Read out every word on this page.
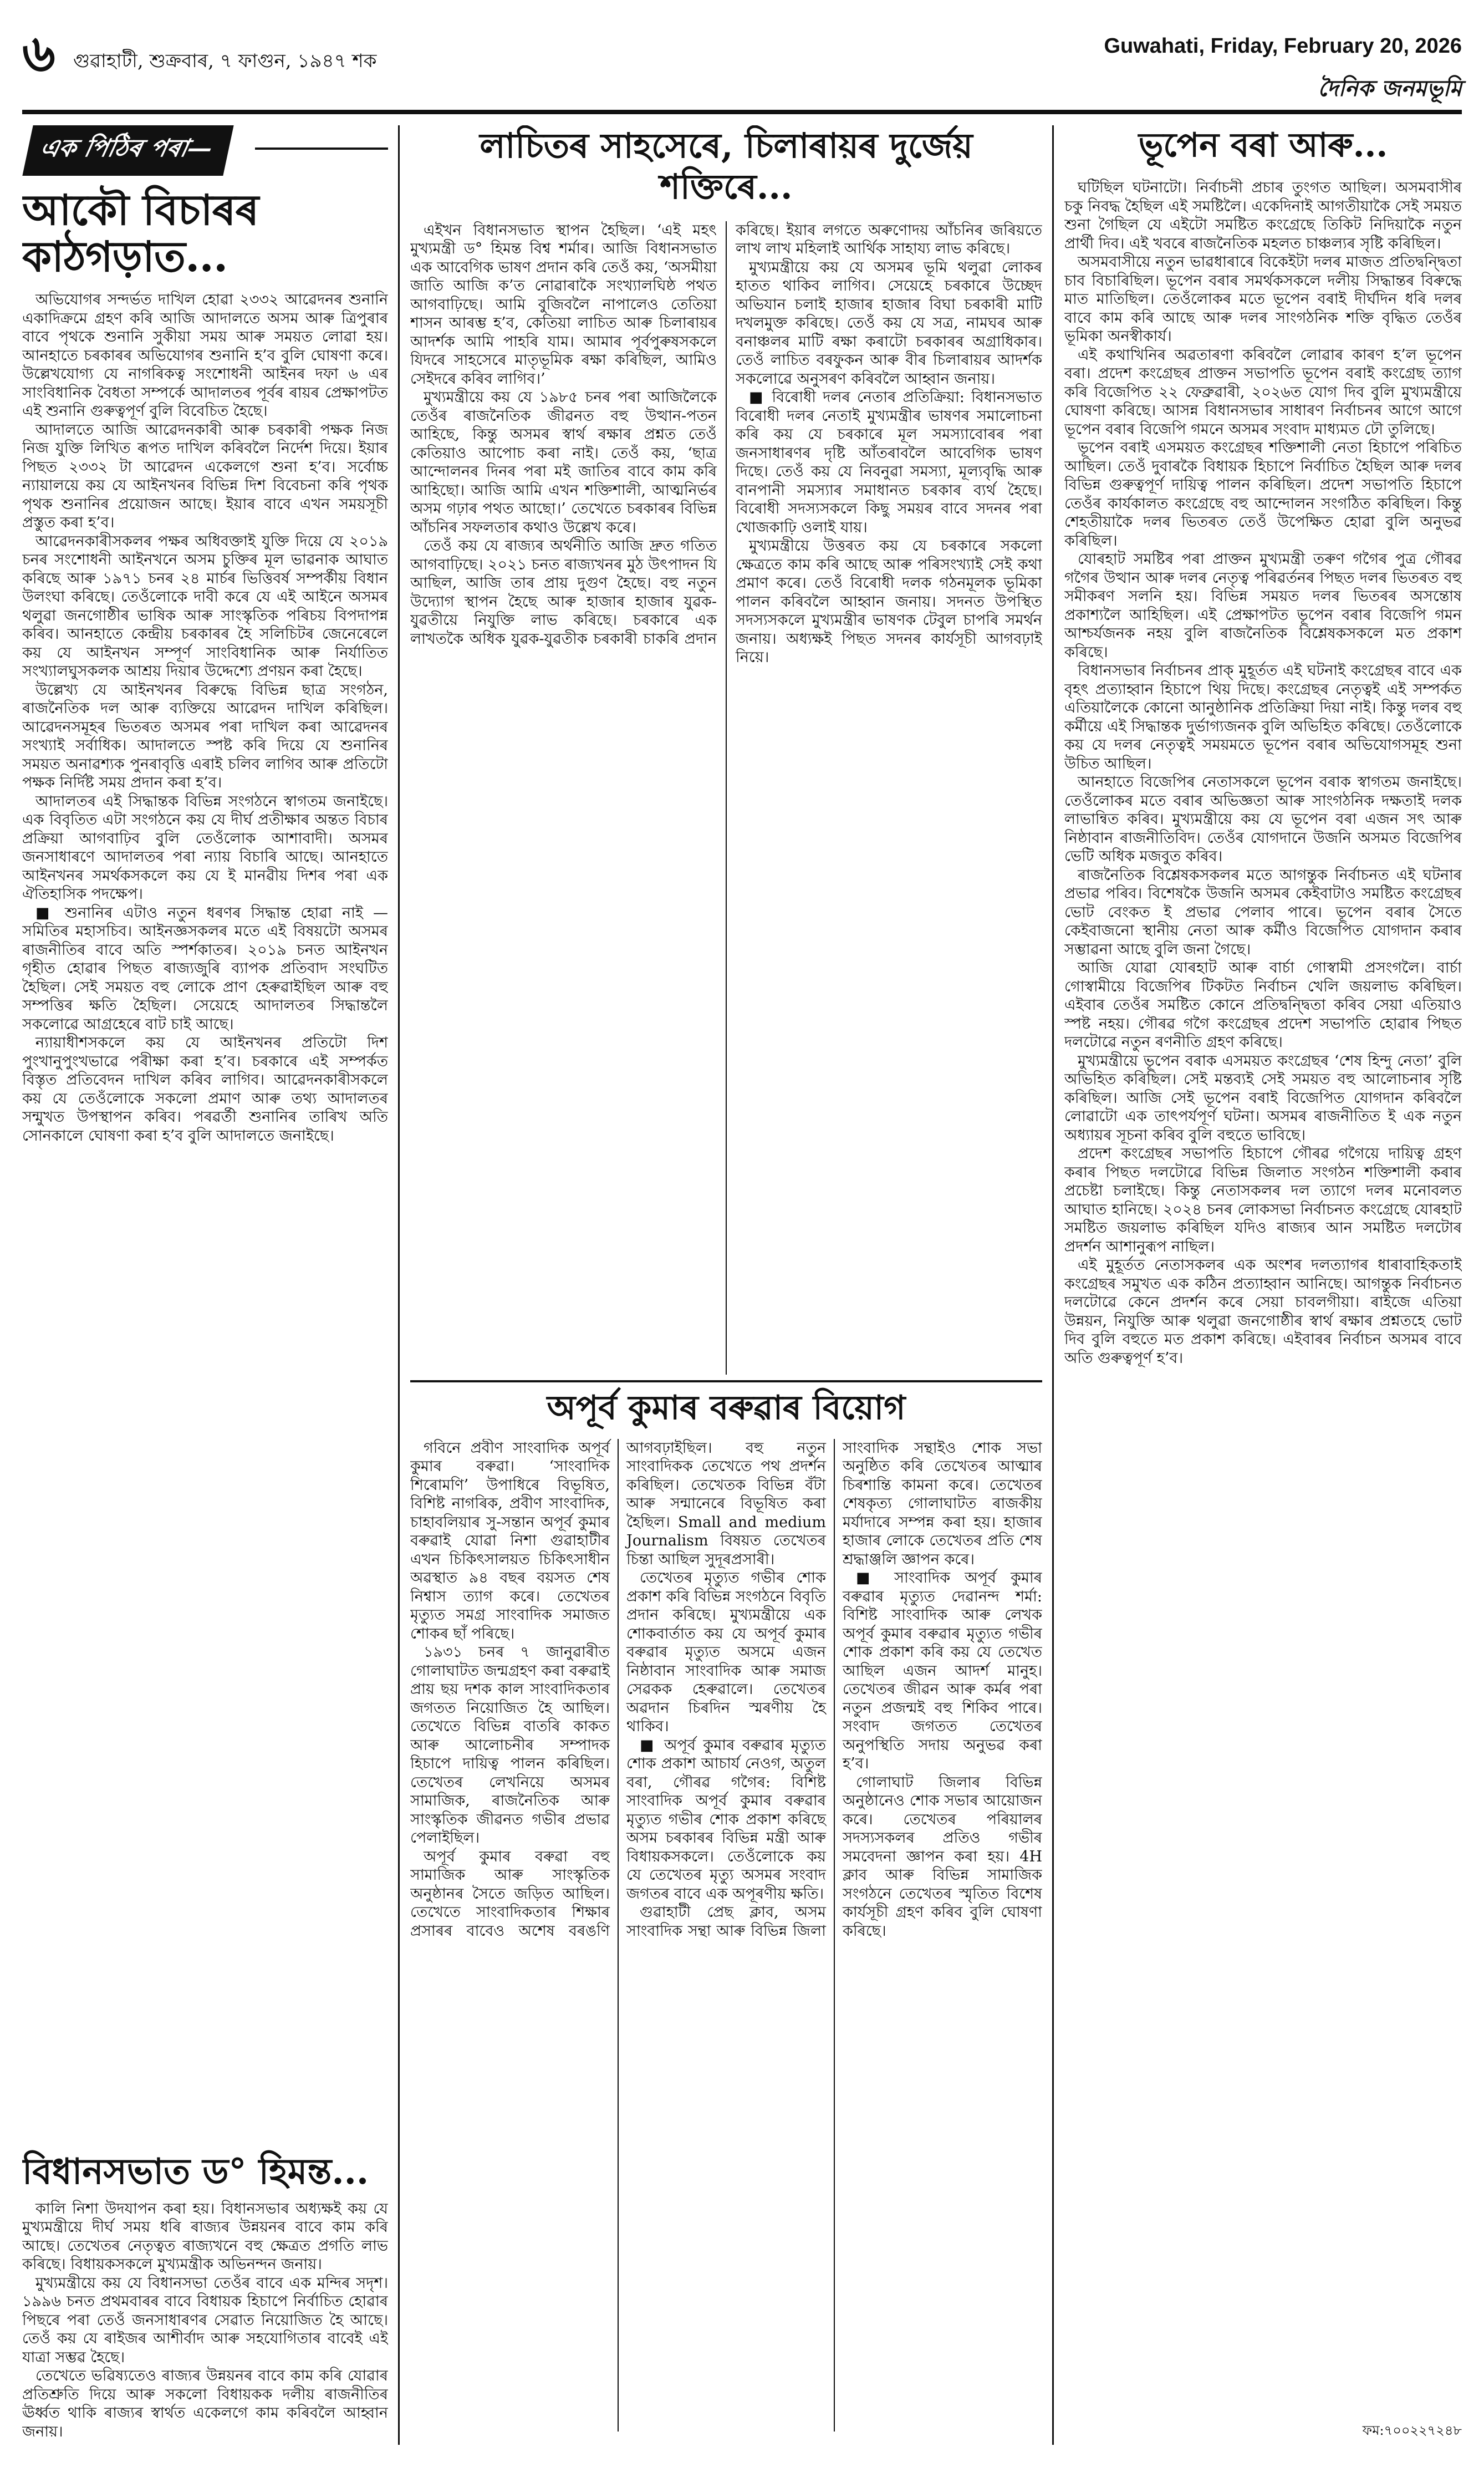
৬ গুৱাহাটী, শুক্ৰবাৰ, ৭ ফাগুন, ১৯৪৭ শক
Guwahati, Friday, February 20, 2026
দৈনিক জনমভূমি
এক পিঠিৰ পৰা—
আকৌ বিচাৰৰ কাঠগড়াত...

অভিযোগৰ সন্দৰ্ভত দাখিল হোৱা ২৩৩২ আৱেদনৰ শুনানি একাদিক্ৰমে গ্ৰহণ কৰি আজি আদালতে অসম আৰু ত্ৰিপুৰাৰ বাবে পৃথকে শুনানি সুকীয়া সময় আৰু সময়ত লোৱা হয়। আনহাতে চৰকাৰৰ অভিযোগৰ শুনানি হ’ব বুলি ঘোষণা কৰে। উল্লেখযোগ্য যে নাগৰিকত্ব সংশোধনী আইনৰ দফা ৬ এৰ সাংবিধানিক বৈধতা সম্পৰ্কে আদালতৰ পূৰ্বৰ ৰায়ৰ প্ৰেক্ষাপটত এই শুনানি গুৰুত্বপূৰ্ণ বুলি বিবেচিত হৈছে।

আদালতে আজি আৱেদনকাৰী আৰু চৰকাৰী পক্ষক নিজ নিজ যুক্তি লিখিত ৰূপত দাখিল কৰিবলৈ নিৰ্দেশ দিয়ে। ইয়াৰ পিছত ২৩৩২ টা আৱেদন একেলগে শুনা হ’ব। সৰ্বোচ্চ ন্যায়ালয়ে কয় যে আইনখনৰ বিভিন্ন দিশ বিবেচনা কৰি পৃথক পৃথক শুনানিৰ প্ৰয়োজন আছে। ইয়াৰ বাবে এখন সময়সূচী প্ৰস্তুত কৰা হ’ব।

আৱেদনকাৰীসকলৰ পক্ষৰ অধিবক্তাই যুক্তি দিয়ে যে ২০১৯ চনৰ সংশোধনী আইনখনে অসম চুক্তিৰ মূল ভাৱনাক আঘাত কৰিছে আৰু ১৯৭১ চনৰ ২৪ মাৰ্চৰ ভিত্তিবৰ্ষ সম্পৰ্কীয় বিধান উলংঘা কৰিছে। তেওঁলোকে দাবী কৰে যে এই আইনে অসমৰ থলুৱা জনগোষ্ঠীৰ ভাষিক আৰু সাংস্কৃতিক পৰিচয় বিপদাপন্ন কৰিব। আনহাতে কেন্দ্ৰীয় চৰকাৰৰ হৈ সলিচিটৰ জেনেৰেলে কয় যে আইনখন সম্পূৰ্ণ সাংবিধানিক আৰু নিৰ্যাতিত সংখ্যালঘুসকলক আশ্ৰয় দিয়াৰ উদ্দেশ্যে প্ৰণয়ন কৰা হৈছে।

উল্লেখ্য যে আইনখনৰ বিৰুদ্ধে বিভিন্ন ছাত্ৰ সংগঠন, ৰাজনৈতিক দল আৰু ব্যক্তিয়ে আৱেদন দাখিল কৰিছিল। আৱেদনসমূহৰ ভিতৰত অসমৰ পৰা দাখিল কৰা আৱেদনৰ সংখ্যাই সৰ্বাধিক। আদালতে স্পষ্ট কৰি দিয়ে যে শুনানিৰ সময়ত অনাৱশ্যক পুনৰাবৃত্তি এৰাই চলিব লাগিব আৰু প্ৰতিটো পক্ষক নিৰ্দিষ্ট সময় প্ৰদান কৰা হ’ব।

আদালতৰ এই সিদ্ধান্তক বিভিন্ন সংগঠনে স্বাগতম জনাইছে। এক বিবৃতিত এটা সংগঠনে কয় যে দীৰ্ঘ প্ৰতীক্ষাৰ অন্তত বিচাৰ প্ৰক্ৰিয়া আগবাঢ়িব বুলি তেওঁলোক আশাবাদী। অসমৰ জনসাধাৰণে আদালতৰ পৰা ন্যায় বিচাৰি আছে। আনহাতে আইনখনৰ সমৰ্থকসকলে কয় যে ই মানৱীয় দিশৰ পৰা এক ঐতিহাসিক পদক্ষেপ।

■ শুনানিৰ এটাও নতুন ধৰণৰ সিদ্ধান্ত হোৱা নাই — সমিতিৰ মহাসচিব। আইনজ্ঞসকলৰ মতে এই বিষয়টো অসমৰ ৰাজনীতিৰ বাবে অতি স্পৰ্শকাতৰ। ২০১৯ চনত আইনখন গৃহীত হোৱাৰ পিছত ৰাজ্যজুৰি ব্যাপক প্ৰতিবাদ সংঘটিত হৈছিল। সেই সময়ত বহু লোকে প্ৰাণ হেৰুৱাইছিল আৰু বহু সম্পত্তিৰ ক্ষতি হৈছিল। সেয়েহে আদালতৰ সিদ্ধান্তলৈ সকলোৱে আগ্ৰহেৰে বাট চাই আছে।

ন্যায়াধীশসকলে কয় যে আইনখনৰ প্ৰতিটো দিশ পুংখানুপুংখভাৱে পৰীক্ষা কৰা হ’ব। চৰকাৰে এই সম্পৰ্কত বিস্তৃত প্ৰতিবেদন দাখিল কৰিব লাগিব। আৱেদনকাৰীসকলে কয় যে তেওঁলোকে সকলো প্ৰমাণ আৰু তথ্য আদালতৰ সন্মুখত উপস্থাপন কৰিব। পৰৱৰ্তী শুনানিৰ তাৰিখ অতি সোনকালে ঘোষণা কৰা হ’ব বুলি আদালতে জনাইছে।

বিধানসভাত ড° হিমন্ত...

কালি নিশা উদযাপন কৰা হয়। বিধানসভাৰ অধ্যক্ষই কয় যে মুখ্যমন্ত্ৰীয়ে দীৰ্ঘ সময় ধৰি ৰাজ্যৰ উন্নয়নৰ বাবে কাম কৰি আছে। তেখেতৰ নেতৃত্বত ৰাজ্যখনে বহু ক্ষেত্ৰত প্ৰগতি লাভ কৰিছে। বিধায়কসকলে মুখ্যমন্ত্ৰীক অভিনন্দন জনায়।

মুখ্যমন্ত্ৰীয়ে কয় যে বিধানসভা তেওঁৰ বাবে এক মন্দিৰ সদৃশ। ১৯৯৬ চনত প্ৰথমবাৰৰ বাবে বিধায়ক হিচাপে নিৰ্বাচিত হোৱাৰ পিছৰে পৰা তেওঁ জনসাধাৰণৰ সেৱাত নিয়োজিত হৈ আছে। তেওঁ কয় যে ৰাইজৰ আশীৰ্বাদ আৰু সহযোগিতাৰ বাবেই এই যাত্ৰা সম্ভৱ হৈছে।

তেখেতে ভৱিষ্যতেও ৰাজ্যৰ উন্নয়নৰ বাবে কাম কৰি যোৱাৰ প্ৰতিশ্ৰুতি দিয়ে আৰু সকলো বিধায়কক দলীয় ৰাজনীতিৰ ঊৰ্ধ্বত থাকি ৰাজ্যৰ স্বাৰ্থত একেলগে কাম কৰিবলৈ আহ্বান জনায়।

লাচিতৰ সাহসেৰে, চিলাৰায়ৰ দুৰ্জেয় শক্তিৰে...

এইখন বিধানসভাত স্থাপন হৈছিল। ‘এই মহৎ মুখ্যমন্ত্ৰী ড° হিমন্ত বিশ্ব শৰ্মাৰ। আজি বিধানসভাত এক আবেগিক ভাষণ প্ৰদান কৰি তেওঁ কয়, ‘অসমীয়া জাতি আজি ক’ত নোৱাৰাকৈ সংখ্যালঘিষ্ঠ পথত আগবাঢ়িছে। আমি বুজিবলৈ নাপালেও তেতিয়া শাসন আৰম্ভ হ’ব, কেতিয়া লাচিত আৰু চিলাৰায়ৰ আদৰ্শক আমি পাহৰি যাম। আমাৰ পূৰ্বপুৰুষসকলে যিদৰে সাহসেৰে মাতৃভূমিক ৰক্ষা কৰিছিল, আমিও সেইদৰে কৰিব লাগিব।’

মুখ্যমন্ত্ৰীয়ে কয় যে ১৯৮৫ চনৰ পৰা আজিলৈকে তেওঁৰ ৰাজনৈতিক জীৱনত বহু উত্থান-পতন আহিছে, কিন্তু অসমৰ স্বাৰ্থ ৰক্ষাৰ প্ৰশ্নত তেওঁ কেতিয়াও আপোচ কৰা নাই। তেওঁ কয়, ‘ছাত্ৰ আন্দোলনৰ দিনৰ পৰা মই জাতিৰ বাবে কাম কৰি আহিছো। আজি আমি এখন শক্তিশালী, আত্মনিৰ্ভৰ অসম গঢ়াৰ পথত আছো।’ তেখেতে চৰকাৰৰ বিভিন্ন আঁচনিৰ সফলতাৰ কথাও উল্লেখ কৰে।

তেওঁ কয় যে ৰাজ্যৰ অৰ্থনীতি আজি দ্ৰুত গতিত আগবাঢ়িছে। ২০২১ চনত ৰাজ্যখনৰ মুঠ উৎপাদন যি আছিল, আজি তাৰ প্ৰায় দুগুণ হৈছে। বহু নতুন উদ্যোগ স্থাপন হৈছে আৰু হাজাৰ হাজাৰ যুৱক-যুৱতীয়ে নিযুক্তি লাভ কৰিছে। চৰকাৰে এক লাখতকৈ অধিক যুৱক-যুৱতীক চৰকাৰী চাকৰি প্ৰদান কৰিছে। ইয়াৰ লগতে অৰুণোদয় আঁচনিৰ জৰিয়তে লাখ লাখ মহিলাই আৰ্থিক সাহায্য লাভ কৰিছে।

মুখ্যমন্ত্ৰীয়ে কয় যে অসমৰ ভূমি থলুৱা লোকৰ হাতত থাকিব লাগিব। সেয়েহে চৰকাৰে উচ্ছেদ অভিযান চলাই হাজাৰ হাজাৰ বিঘা চৰকাৰী মাটি দখলমুক্ত কৰিছে। তেওঁ কয় যে সত্ৰ, নামঘৰ আৰু বনাঞ্চলৰ মাটি ৰক্ষা কৰাটো চৰকাৰৰ অগ্ৰাধিকাৰ। তেওঁ লাচিত বৰফুকন আৰু বীৰ চিলাৰায়ৰ আদৰ্শক সকলোৱে অনুসৰণ কৰিবলৈ আহ্বান জনায়।

■ বিৰোধী দলৰ নেতাৰ প্ৰতিক্ৰিয়া: বিধানসভাত বিৰোধী দলৰ নেতাই মুখ্যমন্ত্ৰীৰ ভাষণৰ সমালোচনা কৰি কয় যে চৰকাৰে মূল সমস্যাবোৰৰ পৰা জনসাধাৰণৰ দৃষ্টি আঁতৰাবলৈ আবেগিক ভাষণ দিছে। তেওঁ কয় যে নিবনুৱা সমস্যা, মূল্যবৃদ্ধি আৰু বানপানী সমস্যাৰ সমাধানত চৰকাৰ ব্যৰ্থ হৈছে। বিৰোধী সদস্যসকলে কিছু সময়ৰ বাবে সদনৰ পৰা খোজকাঢ়ি ওলাই যায়।

মুখ্যমন্ত্ৰীয়ে উত্তৰত কয় যে চৰকাৰে সকলো ক্ষেত্ৰতে কাম কৰি আছে আৰু পৰিসংখ্যাই সেই কথা প্ৰমাণ কৰে। তেওঁ বিৰোধী দলক গঠনমূলক ভূমিকা পালন কৰিবলৈ আহ্বান জনায়। সদনত উপস্থিত সদস্যসকলে মুখ্যমন্ত্ৰীৰ ভাষণক টেবুল চাপৰি সমৰ্থন জনায়। অধ্যক্ষই পিছত সদনৰ কাৰ্যসূচী আগবঢ়াই নিয়ে।

অপূৰ্ব কুমাৰ বৰুৱাৰ বিয়োগ

গবিনে প্ৰবীণ সাংবাদিক অপূৰ্ব কুমাৰ বৰুৱা। ‘সাংবাদিক শিৰোমণি’ উপাধিৰে বিভূষিত, বিশিষ্ট নাগৰিক, প্ৰবীণ সাংবাদিক, চাহাবলিয়াৰ সু-সন্তান অপূৰ্ব কুমাৰ বৰুৱাই যোৱা নিশা গুৱাহাটীৰ এখন চিকিৎসালয়ত চিকিৎসাধীন অৱস্থাত ৯৪ বছৰ বয়সত শেষ নিশ্বাস ত্যাগ কৰে। তেখেতৰ মৃত্যুত সমগ্ৰ সাংবাদিক সমাজত শোকৰ ছাঁ পৰিছে।

১৯৩১ চনৰ ৭ জানুৱাৰীত গোলাঘাটত জন্মগ্ৰহণ কৰা বৰুৱাই প্ৰায় ছয় দশক কাল সাংবাদিকতাৰ জগতত নিয়োজিত হৈ আছিল। তেখেতে বিভিন্ন বাতৰি কাকত আৰু আলোচনীৰ সম্পাদক হিচাপে দায়িত্ব পালন কৰিছিল। তেখেতৰ লেখনিয়ে অসমৰ সামাজিক, ৰাজনৈতিক আৰু সাংস্কৃতিক জীৱনত গভীৰ প্ৰভাৱ পেলাইছিল।

অপূৰ্ব কুমাৰ বৰুৱা বহু সামাজিক আৰু সাংস্কৃতিক অনুষ্ঠানৰ সৈতে জড়িত আছিল। তেখেতে সাংবাদিকতাৰ শিক্ষাৰ প্ৰসাৰৰ বাবেও অশেষ বৰঙণি আগবঢ়াইছিল। বহু নতুন সাংবাদিকক তেখেতে পথ প্ৰদৰ্শন কৰিছিল। তেখেতক বিভিন্ন বঁটা আৰু সন্মানেৰে বিভূষিত কৰা হৈছিল। Small and medium Journalism বিষয়ত তেখেতৰ চিন্তা আছিল সুদূৰপ্ৰসাৰী।

তেখেতৰ মৃত্যুত গভীৰ শোক প্ৰকাশ কৰি বিভিন্ন সংগঠনে বিবৃতি প্ৰদান কৰিছে। মুখ্যমন্ত্ৰীয়ে এক শোকবাৰ্তাত কয় যে অপূৰ্ব কুমাৰ বৰুৱাৰ মৃত্যুত অসমে এজন নিষ্ঠাবান সাংবাদিক আৰু সমাজ সেৱকক হেৰুৱালে। তেখেতৰ অৱদান চিৰদিন স্মৰণীয় হৈ থাকিব।

■ অপূৰ্ব কুমাৰ বৰুৱাৰ মৃত্যুত শোক প্ৰকাশ আচাৰ্য নেওগ, অতুল বৰা, গৌৰৱ গগৈৰ: বিশিষ্ট সাংবাদিক অপূৰ্ব কুমাৰ বৰুৱাৰ মৃত্যুত গভীৰ শোক প্ৰকাশ কৰিছে অসম চৰকাৰৰ বিভিন্ন মন্ত্ৰী আৰু বিধায়কসকলে। তেওঁলোকে কয় যে তেখেতৰ মৃত্যু অসমৰ সংবাদ জগতৰ বাবে এক অপূৰণীয় ক্ষতি।

গুৱাহাটী প্ৰেছ ক্লাব, অসম সাংবাদিক সন্থা আৰু বিভিন্ন জিলা সাংবাদিক সন্থাইও শোক সভা অনুষ্ঠিত কৰি তেখেতৰ আত্মাৰ চিৰশান্তি কামনা কৰে। তেখেতৰ শেষকৃত্য গোলাঘাটত ৰাজকীয় মৰ্যাদাৰে সম্পন্ন কৰা হয়। হাজাৰ হাজাৰ লোকে তেখেতৰ প্ৰতি শেষ শ্ৰদ্ধাঞ্জলি জ্ঞাপন কৰে।

■ সাংবাদিক অপূৰ্ব কুমাৰ বৰুৱাৰ মৃত্যুত দেৱানন্দ শৰ্মা: বিশিষ্ট সাংবাদিক আৰু লেখক অপূৰ্ব কুমাৰ বৰুৱাৰ মৃত্যুত গভীৰ শোক প্ৰকাশ কৰি কয় যে তেখেত আছিল এজন আদৰ্শ মানুহ। তেখেতৰ জীৱন আৰু কৰ্মৰ পৰা নতুন প্ৰজন্মই বহু শিকিব পাৰে। সংবাদ জগতত তেখেতৰ অনুপস্থিতি সদায় অনুভৱ কৰা হ’ব।

গোলাঘাট জিলাৰ বিভিন্ন অনুষ্ঠানেও শোক সভাৰ আয়োজন কৰে। তেখেতৰ পৰিয়ালৰ সদস্যসকলৰ প্ৰতিও গভীৰ সমবেদনা জ্ঞাপন কৰা হয়। 4H ক্লাব আৰু বিভিন্ন সামাজিক সংগঠনে তেখেতৰ স্মৃতিত বিশেষ কাৰ্যসূচী গ্ৰহণ কৰিব বুলি ঘোষণা কৰিছে।

ভূপেন বৰা আৰু...

ঘটিছিল ঘটনাটো। নিৰ্বাচনী প্ৰচাৰ তুংগত আছিল। অসমবাসীৰ চকু নিবদ্ধ হৈছিল এই সমষ্টিলৈ। একেদিনাই আগতীয়াকৈ সেই সময়ত শুনা গৈছিল যে এইটো সমষ্টিত কংগ্ৰেছে তিকিট নিদিয়াকৈ নতুন প্ৰাৰ্থী দিব। এই খবৰে ৰাজনৈতিক মহলত চাঞ্চল্যৰ সৃষ্টি কৰিছিল।

অসমবাসীয়ে নতুন ভাৱধাৰাৰে বিকেইটা দলৰ মাজত প্ৰতিদ্বন্দ্বিতা চাব বিচাৰিছিল। ভূপেন বৰাৰ সমৰ্থকসকলে দলীয় সিদ্ধান্তৰ বিৰুদ্ধে মাত মাতিছিল। তেওঁলোকৰ মতে ভূপেন বৰাই দীৰ্ঘদিন ধৰি দলৰ বাবে কাম কৰি আছে আৰু দলৰ সাংগঠনিক শক্তি বৃদ্ধিত তেওঁৰ ভূমিকা অনস্বীকাৰ্য।

এই কথাখিনিৰ অৱতাৰণা কৰিবলৈ লোৱাৰ কাৰণ হ’ল ভূপেন বৰা। প্ৰদেশ কংগ্ৰেছৰ প্ৰাক্তন সভাপতি ভূপেন বৰাই কংগ্ৰেছ ত্যাগ কৰি বিজেপিত ২২ ফেব্ৰুৱাৰী, ২০২৬ত যোগ দিব বুলি মুখ্যমন্ত্ৰীয়ে ঘোষণা কৰিছে। আসন্ন বিধানসভাৰ সাধাৰণ নিৰ্বাচনৰ আগে আগে ভূপেন বৰাৰ বিজেপি গমনে অসমৰ সংবাদ মাধ্যমত ঢৌ তুলিছে।

ভূপেন বৰাই এসময়ত কংগ্ৰেছৰ শক্তিশালী নেতা হিচাপে পৰিচিত আছিল। তেওঁ দুবাৰকৈ বিধায়ক হিচাপে নিৰ্বাচিত হৈছিল আৰু দলৰ বিভিন্ন গুৰুত্বপূৰ্ণ দায়িত্ব পালন কৰিছিল। প্ৰদেশ সভাপতি হিচাপে তেওঁৰ কাৰ্যকালত কংগ্ৰেছে বহু আন্দোলন সংগঠিত কৰিছিল। কিন্তু শেহতীয়াকৈ দলৰ ভিতৰত তেওঁ উপেক্ষিত হোৱা বুলি অনুভৱ কৰিছিল।

যোৰহাট সমষ্টিৰ পৰা প্ৰাক্তন মুখ্যমন্ত্ৰী তৰুণ গগৈৰ পুত্ৰ গৌৰৱ গগৈৰ উত্থান আৰু দলৰ নেতৃত্ব পৰিৱৰ্তনৰ পিছত দলৰ ভিতৰত বহু সমীকৰণ সলনি হয়। বিভিন্ন সময়ত দলৰ ভিতৰৰ অসন্তোষ প্ৰকাশ্যলৈ আহিছিল। এই প্ৰেক্ষাপটত ভূপেন বৰাৰ বিজেপি গমন আশ্চৰ্যজনক নহয় বুলি ৰাজনৈতিক বিশ্লেষকসকলে মত প্ৰকাশ কৰিছে।

বিধানসভাৰ নিৰ্বাচনৰ প্ৰাক্ মুহূৰ্তত এই ঘটনাই কংগ্ৰেছৰ বাবে এক বৃহৎ প্ৰত্যাহ্বান হিচাপে থিয় দিছে। কংগ্ৰেছৰ নেতৃত্বই এই সম্পৰ্কত এতিয়ালৈকে কোনো আনুষ্ঠানিক প্ৰতিক্ৰিয়া দিয়া নাই। কিন্তু দলৰ বহু কৰ্মীয়ে এই সিদ্ধান্তক দুৰ্ভাগ্যজনক বুলি অভিহিত কৰিছে। তেওঁলোকে কয় যে দলৰ নেতৃত্বই সময়মতে ভূপেন বৰাৰ অভিযোগসমূহ শুনা উচিত আছিল।

আনহাতে বিজেপিৰ নেতাসকলে ভূপেন বৰাক স্বাগতম জনাইছে। তেওঁলোকৰ মতে বৰাৰ অভিজ্ঞতা আৰু সাংগঠনিক দক্ষতাই দলক লাভান্বিত কৰিব। মুখ্যমন্ত্ৰীয়ে কয় যে ভূপেন বৰা এজন সৎ আৰু নিষ্ঠাবান ৰাজনীতিবিদ। তেওঁৰ যোগদানে উজনি অসমত বিজেপিৰ ভেটি অধিক মজবুত কৰিব।

ৰাজনৈতিক বিশ্লেষকসকলৰ মতে আগন্তুক নিৰ্বাচনত এই ঘটনাৰ প্ৰভাৱ পৰিব। বিশেষকৈ উজনি অসমৰ কেইবাটাও সমষ্টিত কংগ্ৰেছৰ ভোট বেংকত ই প্ৰভাৱ পেলাব পাৰে। ভূপেন বৰাৰ সৈতে কেইবাজনো স্থানীয় নেতা আৰু কৰ্মীও বিজেপিত যোগদান কৰাৰ সম্ভাৱনা আছে বুলি জনা গৈছে।

আজি যোৱা যোৰহাট আৰু বাৰ্চা গোস্বামী প্ৰসংগলৈ। বাৰ্চা গোস্বামীয়ে বিজেপিৰ টিকটত নিৰ্বাচন খেলি জয়লাভ কৰিছিল। এইবাৰ তেওঁৰ সমষ্টিত কোনে প্ৰতিদ্বন্দ্বিতা কৰিব সেয়া এতিয়াও স্পষ্ট নহয়। গৌৰৱ গগৈ কংগ্ৰেছৰ প্ৰদেশ সভাপতি হোৱাৰ পিছত দলটোৱে নতুন ৰণনীতি গ্ৰহণ কৰিছে।

মুখ্যমন্ত্ৰীয়ে ভূপেন বৰাক এসময়ত কংগ্ৰেছৰ ‘শেষ হিন্দু নেতা’ বুলি অভিহিত কৰিছিল। সেই মন্তব্যই সেই সময়ত বহু আলোচনাৰ সৃষ্টি কৰিছিল। আজি সেই ভূপেন বৰাই বিজেপিত যোগদান কৰিবলৈ লোৱাটো এক তাৎপৰ্যপূৰ্ণ ঘটনা। অসমৰ ৰাজনীতিত ই এক নতুন অধ্যায়ৰ সূচনা কৰিব বুলি বহুতে ভাবিছে।

প্ৰদেশ কংগ্ৰেছৰ সভাপতি হিচাপে গৌৰৱ গগৈয়ে দায়িত্ব গ্ৰহণ কৰাৰ পিছত দলটোৱে বিভিন্ন জিলাত সংগঠন শক্তিশালী কৰাৰ প্ৰচেষ্টা চলাইছে। কিন্তু নেতাসকলৰ দল ত্যাগে দলৰ মনোবলত আঘাত হানিছে। ২০২৪ চনৰ লোকসভা নিৰ্বাচনত কংগ্ৰেছে যোৰহাট সমষ্টিত জয়লাভ কৰিছিল যদিও ৰাজ্যৰ আন সমষ্টিত দলটোৰ প্ৰদৰ্শন আশানুৰূপ নাছিল।

এই মুহূৰ্তত নেতাসকলৰ এক অংশৰ দলত্যাগৰ ধাৰাবাহিকতাই কংগ্ৰেছৰ সমুখত এক কঠিন প্ৰত্যাহ্বান আনিছে। আগন্তুক নিৰ্বাচনত দলটোৱে কেনে প্ৰদৰ্শন কৰে সেয়া চাবলগীয়া। ৰাইজে এতিয়া উন্নয়ন, নিযুক্তি আৰু থলুৱা জনগোষ্ঠীৰ স্বাৰ্থ ৰক্ষাৰ প্ৰশ্নতহে ভোট দিব বুলি বহুতে মত প্ৰকাশ কৰিছে। এইবাৰৰ নিৰ্বাচন অসমৰ বাবে অতি গুৰুত্বপূৰ্ণ হ’ব।

ফম:৭০০২২৭২৪৮
